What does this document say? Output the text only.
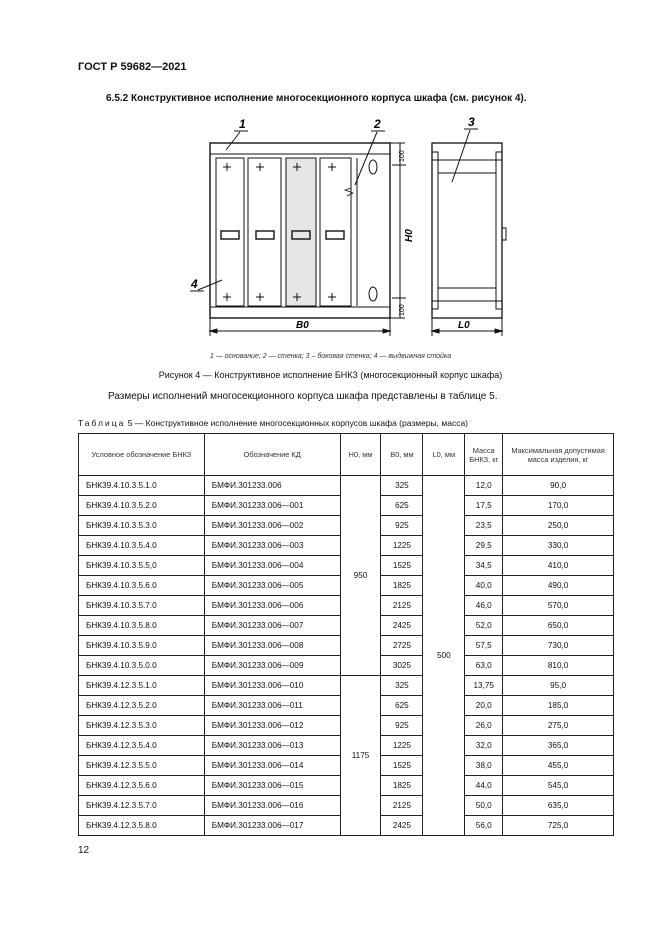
ГОСТ Р 59682—2021
6.5.2 Конструктивное исполнение многосекционного корпуса шкафа (см. рисунок 4).
1	2	3
4
B0	L0
H0
100
100
1 — основание; 2 — стенка; 3 – боковая стенка; 4 — выдвижная стойка
Рисунок 4 — Конструктивное исполнение БНКЗ (многосекционный корпус шкафа)
Размеры исполнений многосекционного корпуса шкафа представлены в таблице 5.
Таблица 5 — Конструктивное исполнение многосекционных корпусов шкафа (размеры, масса)
Условное обозначение БНКЗ	Обозначение КД	H0, мм	B0, мм	L0, мм	Масса БНКЗ, кг	Максимальная допустимая масса изделия, кг
БНК39.4.10.3.5.1.0	БМФИ.301233.006	950	325	500	12,0	90,0
БНК39.4.10.3.5.2.0	БМФИ.301233.006—001		625		17,5	170,0
БНК39.4.10.3.5.3.0	БМФИ.301233.006—002		925		23,5	250,0
БНК39.4.10.3.5.4.0	БМФИ.301233.006—003		1225		29,5	330,0
БНК39.4.10.3.5.5,0	БМФИ.301233.006—004		1525		34,5	410,0
БНК39.4.10.3.5.6.0	БМФИ.301233.006—005		1825		40,0	490,0
БНК39.4.10.3.5.7.0	БМФИ.301233.006—006		2125		46,0	570,0
БНК39.4.10.3.5.8.0	БМФИ.301233.006—007		2425		52,0	650,0
БНК39.4.10.3.5.9.0	БМФИ.301233.006—008		2725		57,5	730,0
БНК39.4.10.3.5.0.0	БМФИ.301233.006—009		3025		63,0	810,0
БНК39.4.12.3.5.1.0	БМФИ.301233.006—010	1175	325		13,75	95,0
БНК39.4.12.3.5.2.0	БМФИ.301233.006—011		625		20,0	185,0
БНК39.4.12.3.5.3.0	БМФИ.301233.006—012		925		26,0	275,0
БНК39.4.12.3.5.4.0	БМФИ.301233.006—013		1225		32,0	365,0
БНК39.4.12.3.5.5.0	БМФИ.301233.006—014		1525		38,0	455,0
БНК39.4.12.3.5.6.0	БМФИ.301233.006—015		1825		44,0	545,0
БНК39.4.12.3.5.7.0	БМФИ.301233.006—016		2125		50,0	635,0
БНК39.4.12.3.5.8.0	БМФИ.301233.006—017		2425		56,0	725,0
12
